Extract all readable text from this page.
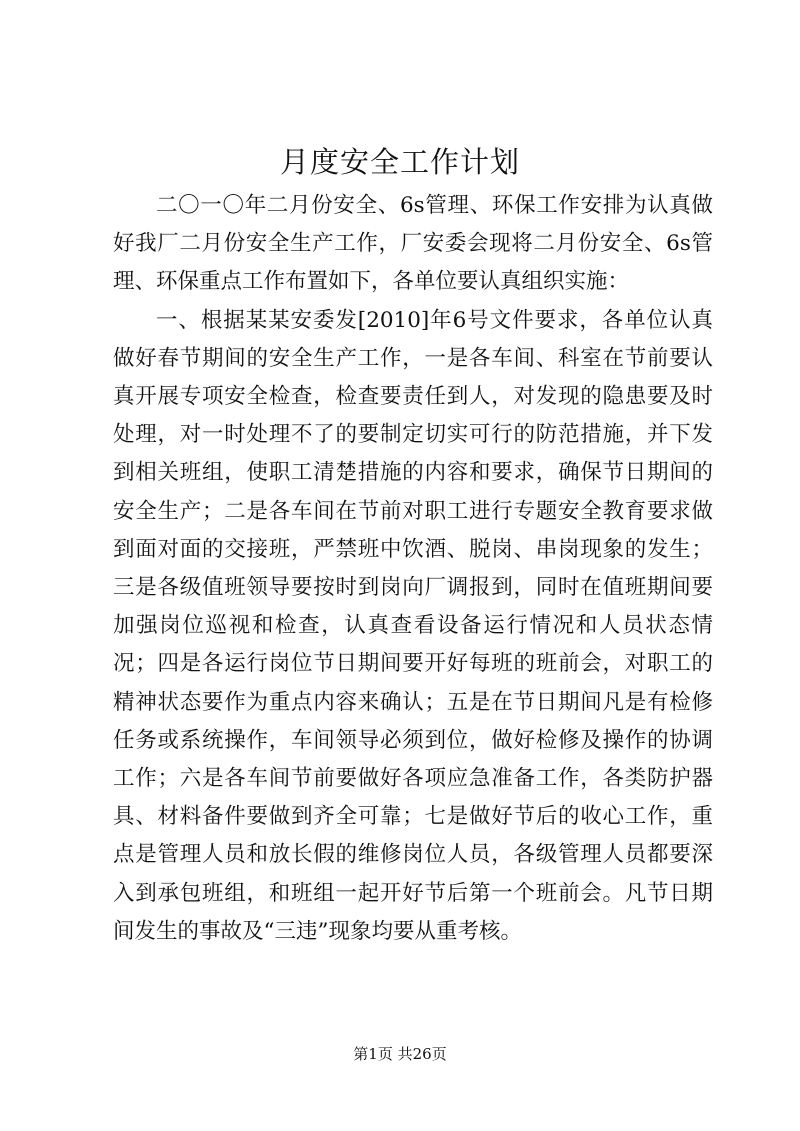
月度安全工作计划

二〇一〇年二月份安全、6s管理、环保工作安排为认真做好我厂二月份安全生产工作，厂安委会现将二月份安全、6s管理、环保重点工作布置如下，各单位要认真组织实施：

一、根据某某安委发[2010]年6号文件要求，各单位认真做好春节期间的安全生产工作，一是各车间、科室在节前要认真开展专项安全检查，检查要责任到人，对发现的隐患要及时处理，对一时处理不了的要制定切实可行的防范措施，并下发到相关班组，使职工清楚措施的内容和要求，确保节日期间的安全生产；二是各车间在节前对职工进行专题安全教育要求做到面对面的交接班，严禁班中饮酒、脱岗、串岗现象的发生；三是各级值班领导要按时到岗向厂调报到，同时在值班期间要加强岗位巡视和检查，认真查看设备运行情况和人员状态情况；四是各运行岗位节日期间要开好每班的班前会，对职工的精神状态要作为重点内容来确认；五是在节日期间凡是有检修任务或系统操作，车间领导必须到位，做好检修及操作的协调工作；六是各车间节前要做好各项应急准备工作，各类防护器具、材料备件要做到齐全可靠；七是做好节后的收心工作，重点是管理人员和放长假的维修岗位人员，各级管理人员都要深入到承包班组，和班组一起开好节后第一个班前会。凡节日期间发生的事故及“三违”现象均要从重考核。

第1页 共26页
